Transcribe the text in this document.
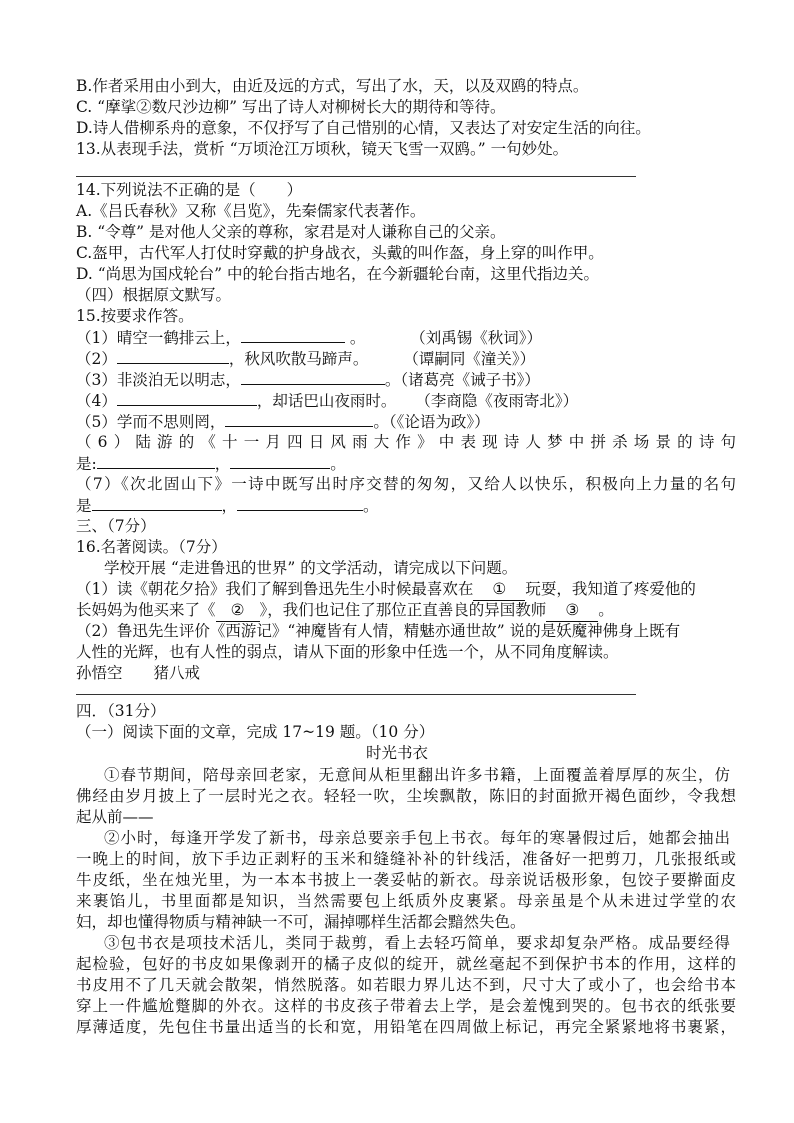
B.作者采用由小到大，由近及远的方式，写出了水，天，以及双鸥的特点。
C. “摩挲②数尺沙边柳” 写出了诗人对柳树长大的期待和等待。
D.诗人借柳系舟的意象，不仅抒写了自己惜别的心情，又表达了对安定生活的向往。
13.从表现手法，赏析 “万顷沧江万顷秋，镜天飞雪一双鸥。” 一句妙处。
14.下列说法不正确的是（　　）
A.《吕氏春秋》又称《吕览》，先秦儒家代表著作。
B. “令尊” 是对他人父亲的尊称，家君是对人谦称自己的父亲。
C.盔甲，古代军人打仗时穿戴的护身战衣，头戴的叫作盔，身上穿的叫作甲。
D. “尚思为国戍轮台” 中的轮台指古地名，在今新疆轮台南，这里代指边关。
（四）根据原文默写。
15.按要求作答。
（1）晴空一鹤排云上，	。	（刘禹锡《秋词》）
（2）	，秋风吹散马蹄声。 （谭嗣同《潼关》）
（3）非淡泊无以明志，	。（诸葛亮《诫子书》）
（4）	，却话巴山夜雨时。 （李商隐《夜雨寄北》）
（5）学而不思则罔，	。（《论语为政》）
（6）陆游的《十一月四日风雨大作》中表现诗人梦中拼杀场景的诗句
是:	，	。
（7）《次北固山下》一诗中既写出时序交替的匆匆，又给人以快乐，积极向上力量的名句
是	，	。
三、（7分）
16.名著阅读。（7分）
学校开展 “走进鲁迅的世界” 的文学活动，请完成以下问题。
（1）读《朝花夕拾》我们了解到鲁迅先生小时候最喜欢在 ① 玩耍，我知道了疼爱他的
长妈妈为他买来了《 ② 》，我们也记住了那位正直善良的异国教师 ③ 。
（2）鲁迅先生评价《西游记》“神魔皆有人情，精魅亦通世故” 说的是妖魔神佛身上既有
人性的光辉，也有人性的弱点，请从下面的形象中任选一个，从不同角度解读。
孙悟空　　猪八戒
四．（31分）
（一）阅读下面的文章，完成 17~19 题。（10 分）
时光书衣
①春节期间，陪母亲回老家，无意间从柜里翻出许多书籍，上面覆盖着厚厚的灰尘，仿
佛经由岁月披上了一层时光之衣。轻轻一吹，尘埃飘散，陈旧的封面掀开褐色面纱，令我想
起从前——
②小时，每逢开学发了新书，母亲总要亲手包上书衣。每年的寒暑假过后，她都会抽出
一晚上的时间，放下手边正剥籽的玉米和缝缝补补的针线活，准备好一把剪刀，几张报纸或
牛皮纸，坐在烛光里，为一本本书披上一袭妥帖的新衣。母亲说话极形象，包饺子要擀面皮
来裹馅儿，书里面都是知识，当然需要包上纸质外皮裹紧。母亲虽是个从未进过学堂的农
妇，却也懂得物质与精神缺一不可，漏掉哪样生活都会黯然失色。
③包书衣是项技术活儿，类同于裁剪，看上去轻巧简单，要求却复杂严格。成品要经得
起检验，包好的书皮如果像剥开的橘子皮似的绽开，就丝毫起不到保护书本的作用，这样的
书皮用不了几天就会散架，悄然脱落。如若眼力界儿达不到，尺寸大了或小了，也会给书本
穿上一件尴尬蹩脚的外衣。这样的书皮孩子带着去上学，是会羞愧到哭的。包书衣的纸张要
厚薄适度，先包住书量出适当的长和宽，用铅笔在四周做上标记，再完全紧紧地将书裹紧，
